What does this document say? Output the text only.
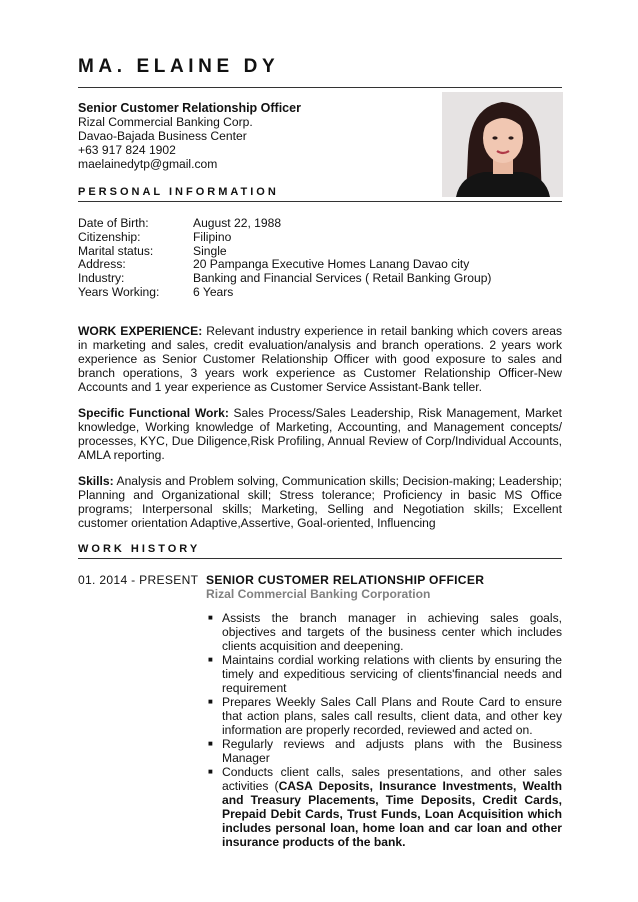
MA. ELAINE DY
Senior Customer Relationship Officer
Rizal Commercial Banking Corp.
Davao-Bajada Business Center
+63 917 824 1902
maelainedytp@gmail.com
PERSONAL INFORMATION
Date of Birth:	August 22, 1988
Citizenship:	Filipino
Marital status:	Single
Address:	20 Pampanga Executive Homes Lanang Davao city
Industry:	Banking and Financial Services ( Retail Banking Group)
Years Working:	6 Years
WORK EXPERIENCE: Relevant industry experience in retail banking which covers areas in marketing and sales, credit evaluation/analysis and branch operations. 2 years work experience as Senior Customer Relationship Officer with good exposure to sales and branch operations, 3 years work experience as Customer Relationship Officer-New Accounts and 1 year experience as Customer Service Assistant-Bank teller.
Specific Functional Work: Sales Process/Sales Leadership, Risk Management, Market knowledge, Working knowledge of Marketing, Accounting, and Management concepts/ processes, KYC, Due Diligence,Risk Profiling, Annual Review of Corp/Individual Accounts, AMLA reporting.
Skills: Analysis and Problem solving, Communication skills; Decision-making; Leadership; Planning and Organizational skill; Stress tolerance; Proficiency in basic MS Office programs; Interpersonal skills; Marketing, Selling and Negotiation skills; Excellent customer orientation Adaptive,Assertive, Goal-oriented, Influencing
WORK HISTORY
01. 2014 - PRESENT SENIOR CUSTOMER RELATIONSHIP OFFICER
Rizal Commercial Banking Corporation
■ Assists the branch manager in achieving sales goals, objectives and targets of the business center which includes clients acquisition and deepening.
■ Maintains cordial working relations with clients by ensuring the timely and expeditious servicing of clients'financial needs and requirement
■ Prepares Weekly Sales Call Plans and Route Card to ensure that action plans, sales call results, client data, and other key information are properly recorded, reviewed and acted on.
■ Regularly reviews and adjusts plans with the Business Manager
■ Conducts client calls, sales presentations, and other sales activities (CASA Deposits, Insurance Investments, Wealth and Treasury Placements, Time Deposits, Credit Cards, Prepaid Debit Cards, Trust Funds, Loan Acquisition which includes personal loan, home loan and car loan and other insurance products of the bank.
